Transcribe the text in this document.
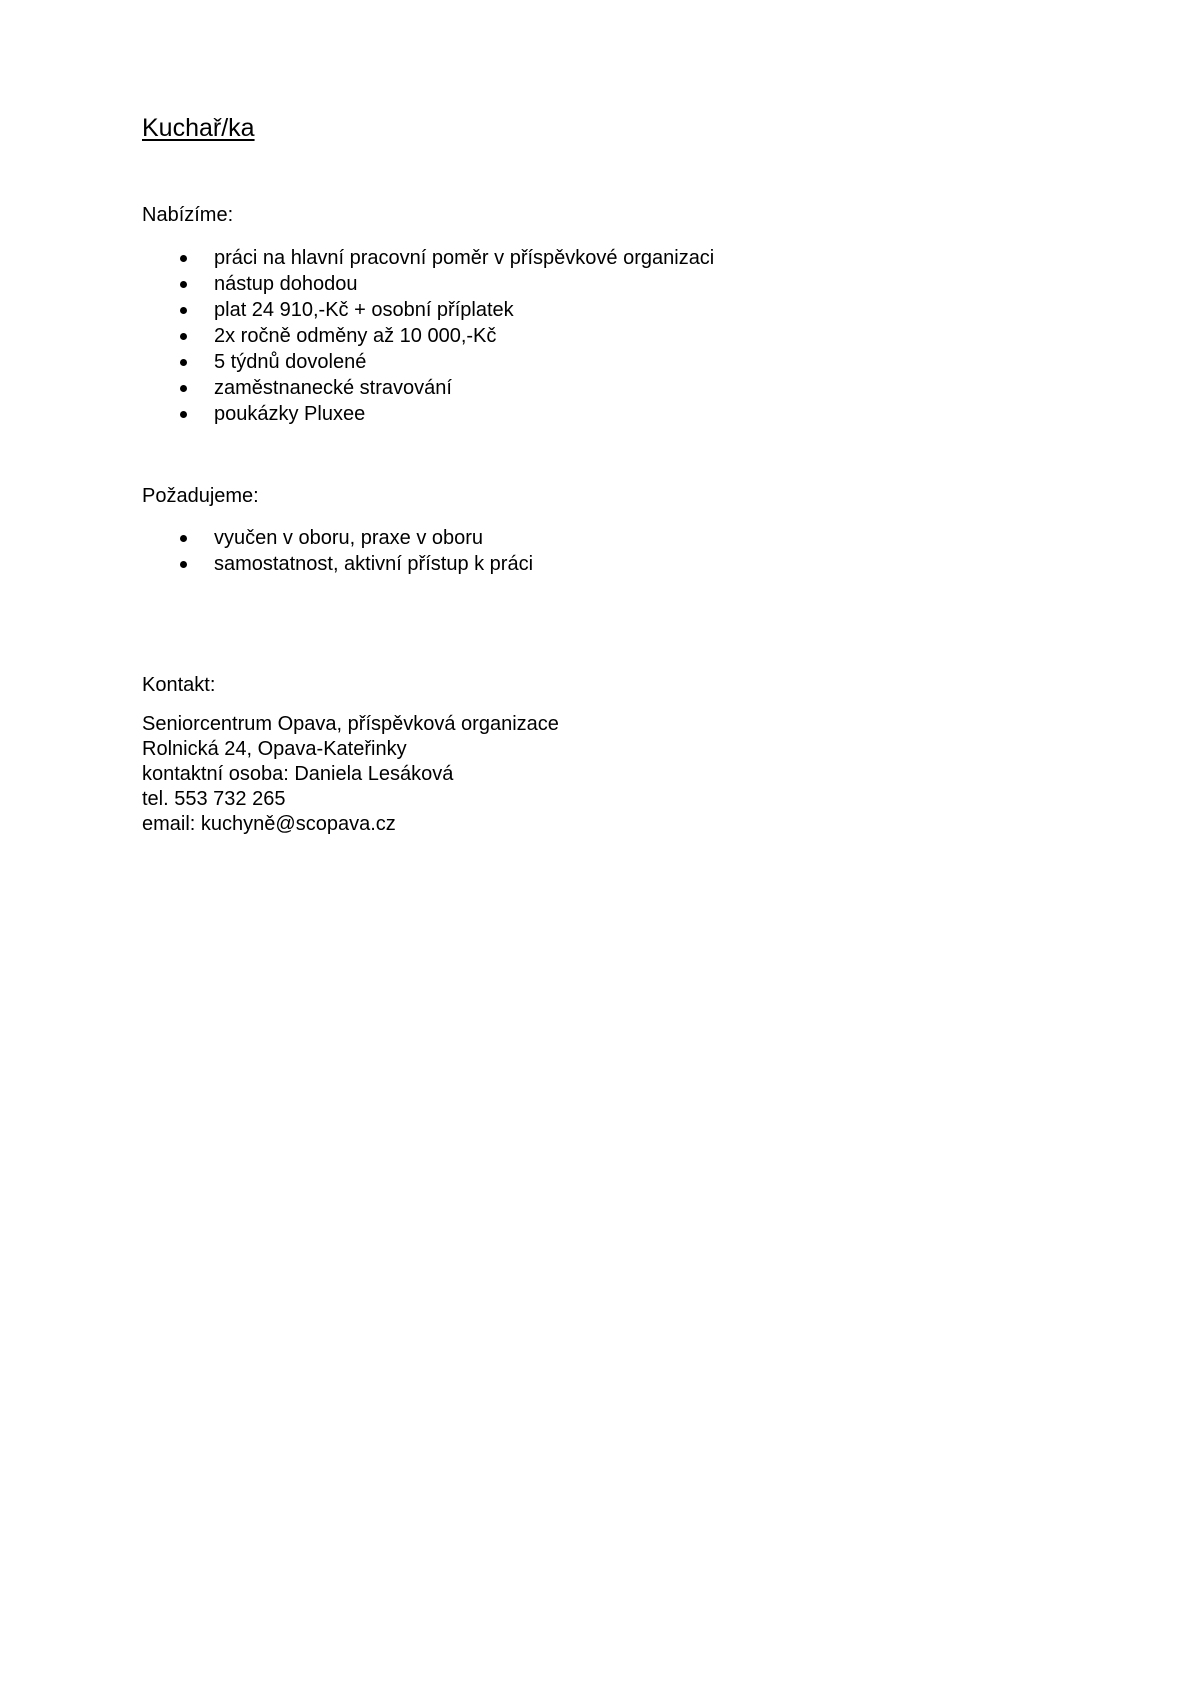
Kuchař/ka
Nabízíme:
práci na hlavní pracovní poměr v příspěvkové organizaci
nástup dohodou
plat 24 910,-Kč + osobní příplatek
2x ročně odměny až 10 000,-Kč
5 týdnů dovolené
zaměstnanecké stravování
poukázky Pluxee
Požadujeme:
vyučen v oboru, praxe v oboru
samostatnost, aktivní přístup k práci
Kontakt:
Seniorcentrum Opava, příspěvková organizace
Rolnická 24, Opava-Kateřinky
kontaktní osoba: Daniela Lesáková
tel. 553 732 265
email: kuchyně@scopava.cz
